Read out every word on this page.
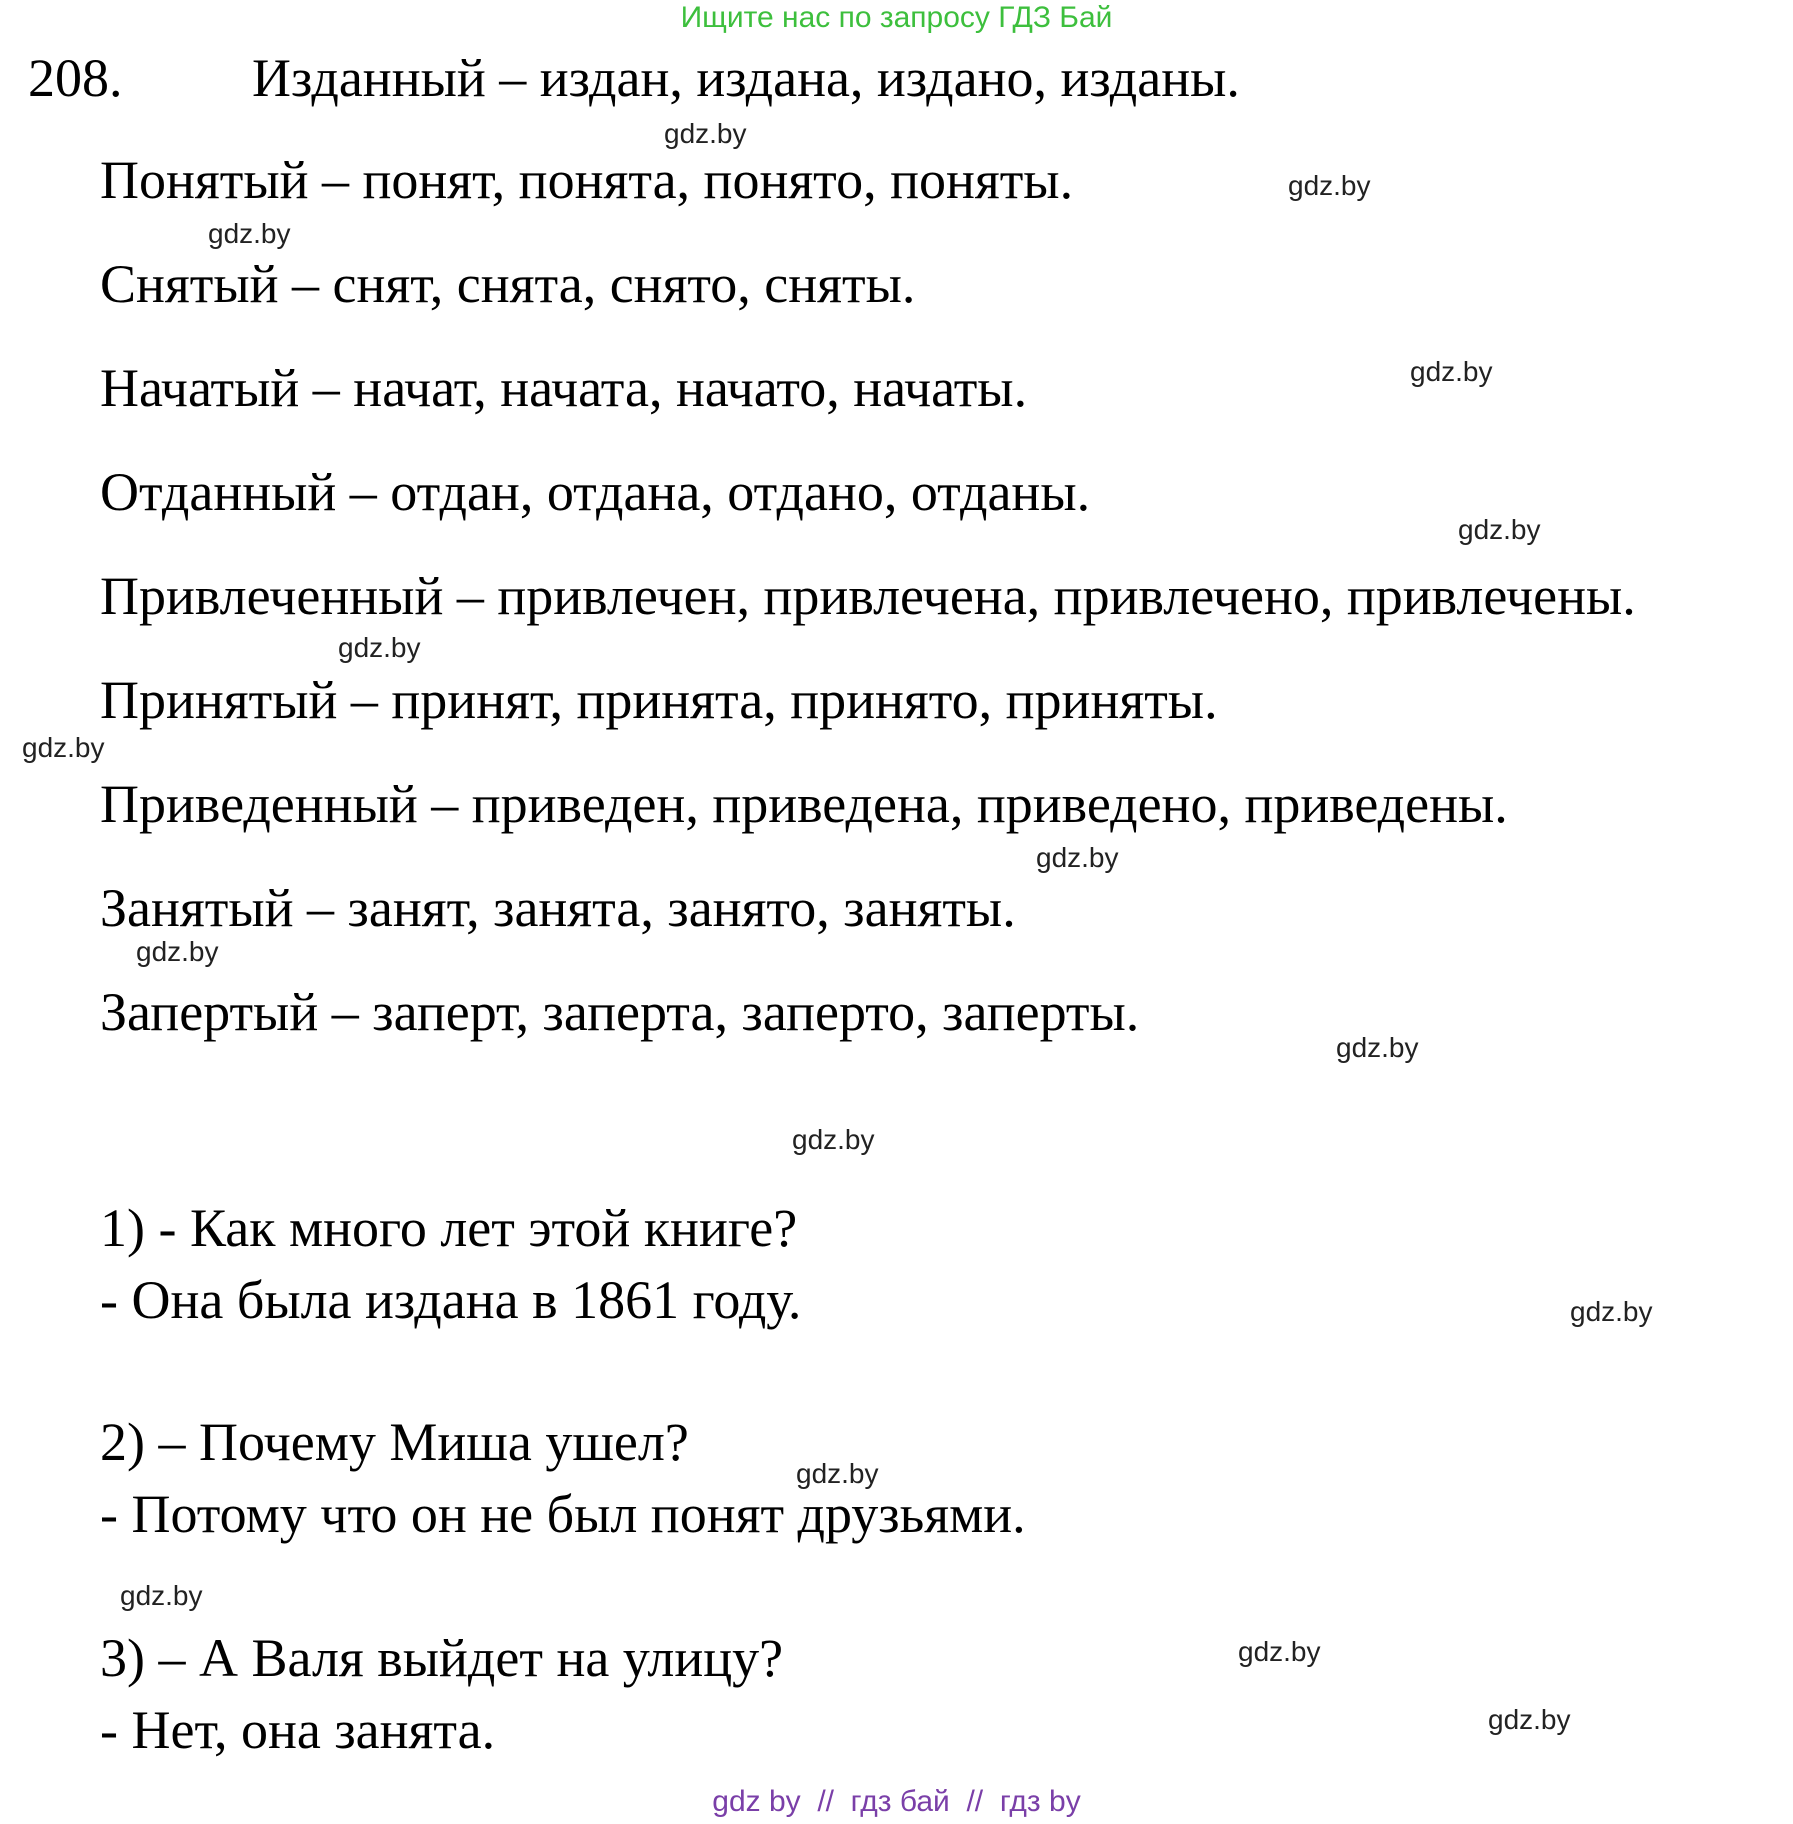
Ищите нас по запросу ГДЗ Бай
208. Изданный – издан, издана, издано, изданы.
Понятый – понят, понята, понято, поняты.
Снятый – снят, снята, снято, сняты.
Начатый – начат, начата, начато, начаты.
Отданный – отдан, отдана, отдано, отданы.
Привлеченный – привлечен, привлечена, привлечено, привлечены.
Принятый – принят, принята, принято, приняты.
Приведенный – приведен, приведена, приведено, приведены.
Занятый – занят, занята, занято, заняты.
Запертый – заперт, заперта, заперто, заперты.
1) - Как много лет этой книге?
- Она была издана в 1861 году.
2) – Почему Миша ушел?
- Потому что он не был понят друзьями.
3) – А Валя выйдет на улицу?
- Нет, она занята.
gdz.by
gdz.by
gdz.by
gdz.by
gdz.by
gdz.by
gdz.by
gdz.by
gdz.by
gdz.by
gdz.by
gdz.by
gdz.by
gdz.by
gdz.by
gdz.by
gdz by  //  гдз бай  //  гдз by
